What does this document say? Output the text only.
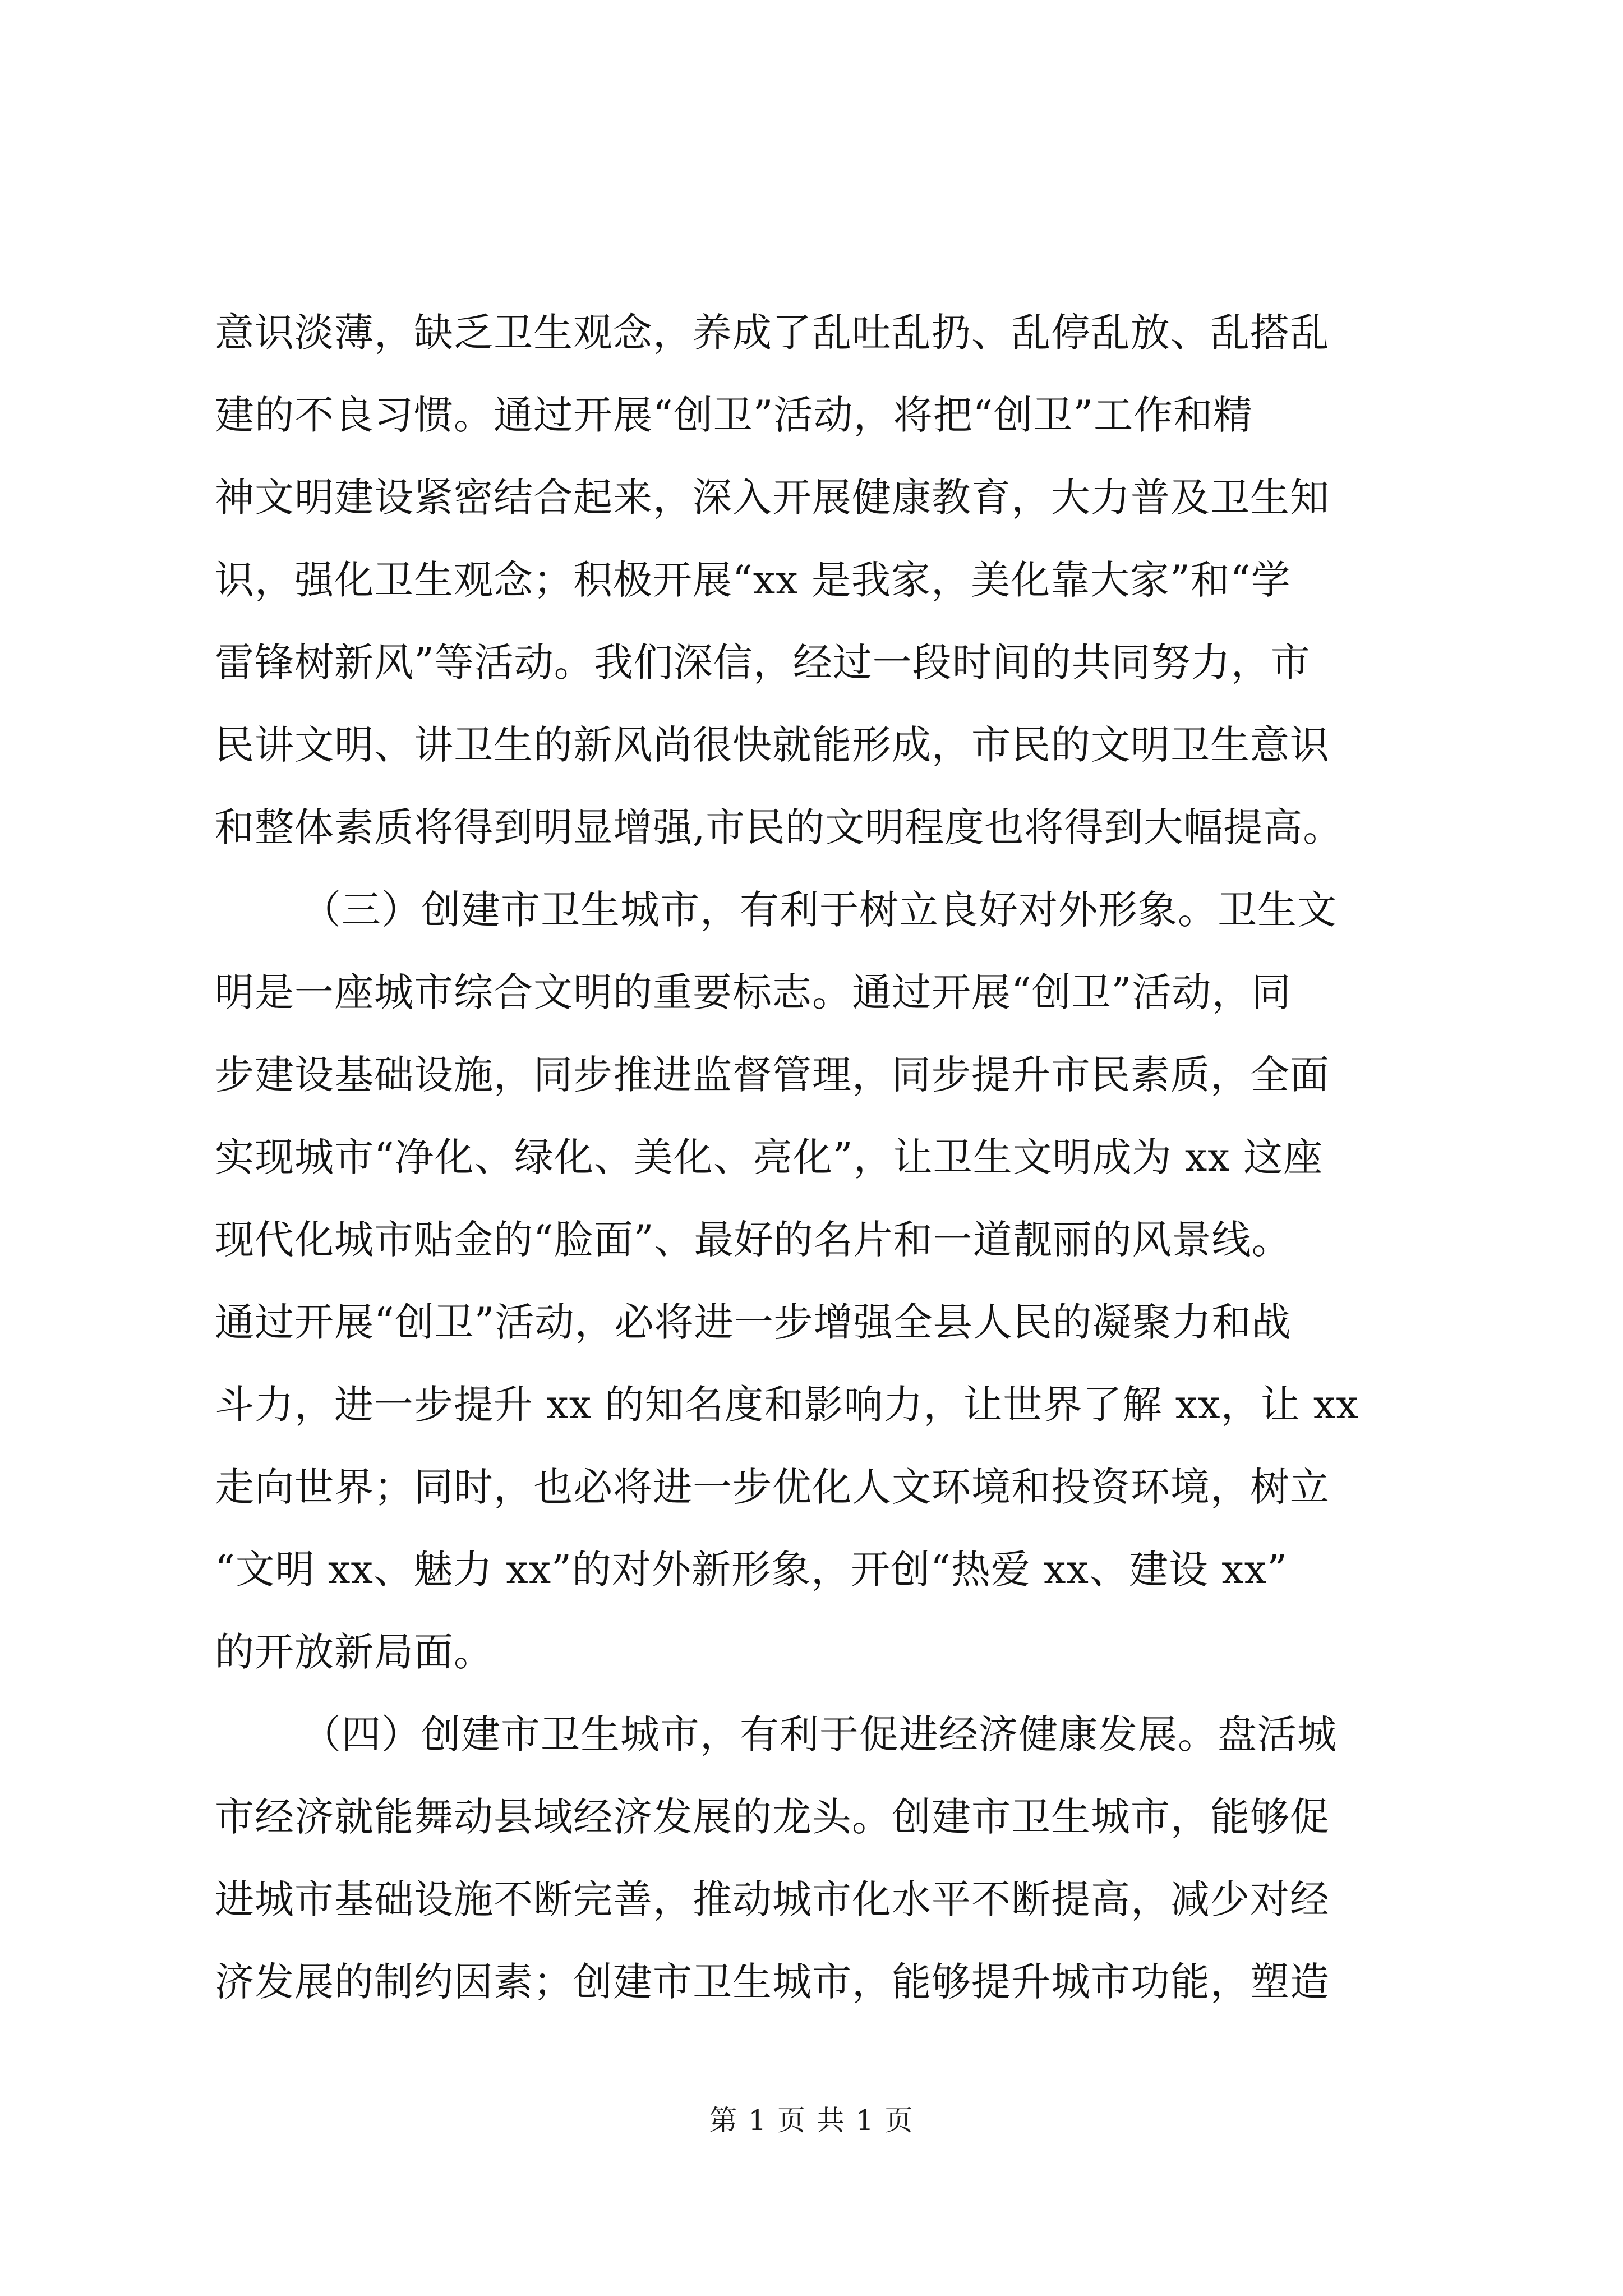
意识淡薄，缺乏卫生观念，养成了乱吐乱扔、乱停乱放、乱搭乱
建的不良习惯。通过开展“创卫”活动，将把“创卫”工作和精
神文明建设紧密结合起来，深入开展健康教育，大力普及卫生知
识，强化卫生观念；积极开展“xx 是我家，美化靠大家”和“学
雷锋树新风”等活动。我们深信，经过一段时间的共同努力，市
民讲文明、讲卫生的新风尚很快就能形成，市民的文明卫生意识
和整体素质将得到明显增强,市民的文明程度也将得到大幅提高。
（三）创建市卫生城市，有利于树立良好对外形象。卫生文
明是一座城市综合文明的重要标志。通过开展“创卫”活动，同
步建设基础设施，同步推进监督管理，同步提升市民素质，全面
实现城市“净化、绿化、美化、亮化”，让卫生文明成为 xx 这座
现代化城市贴金的“脸面”、最好的名片和一道靓丽的风景线。
通过开展“创卫”活动，必将进一步增强全县人民的凝聚力和战
斗力，进一步提升 xx 的知名度和影响力，让世界了解 xx，让 xx
走向世界；同时，也必将进一步优化人文环境和投资环境，树立
“文明 xx、魅力 xx”的对外新形象，开创“热爱 xx、建设 xx”
的开放新局面。
（四）创建市卫生城市，有利于促进经济健康发展。盘活城
市经济就能舞动县域经济发展的龙头。创建市卫生城市，能够促
进城市基础设施不断完善，推动城市化水平不断提高，减少对经
济发展的制约因素；创建市卫生城市，能够提升城市功能，塑造
第 1 页 共 1 页
